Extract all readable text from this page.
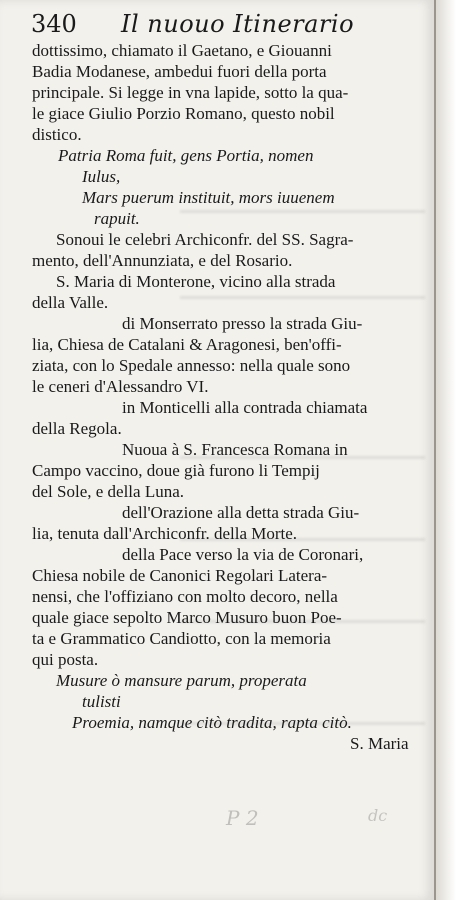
P 2	dc
340 Il nuouo Itinerario
dottissimo, chiamato il Gaetano, e Giouanni
Badia Modanese, ambedui fuori della porta
principale. Si legge in vna lapide, sotto la qua-
le giace Giulio Porzio Romano, questo nobil
distico.
Patria Roma fuit, gens Portia, nomen
Iulus,
Mars puerum instituit, mors iuuenem
rapuit.
Sonoui le celebri Archiconfr. del SS. Sagra-
mento, dell'Annunziata, e del Rosario.
S. Maria di Monterone, vicino alla strada
della Valle.
di Monserrato presso la strada Giu-
lia, Chiesa de Catalani & Aragonesi, ben'offi-
ziata, con lo Spedale annesso: nella quale sono
le ceneri d'Alessandro VI.
in Monticelli alla contrada chiamata
della Regola.
Nuoua à S. Francesca Romana in
Campo vaccino, doue già furono li Tempij
del Sole, e della Luna.
dell'Orazione alla detta strada Giu-
lia, tenuta dall'Archiconfr. della Morte.
della Pace verso la via de Coronari,
Chiesa nobile de Canonici Regolari Latera-
nensi, che l'offiziano con molto decoro, nella
quale giace sepolto Marco Musuro buon Poe-
ta e Grammatico Candiotto, con la memoria
qui posta.
Musure ò mansure parum, properata
tulisti
Proemia, namque citò tradita, rapta citò.
S. Maria
